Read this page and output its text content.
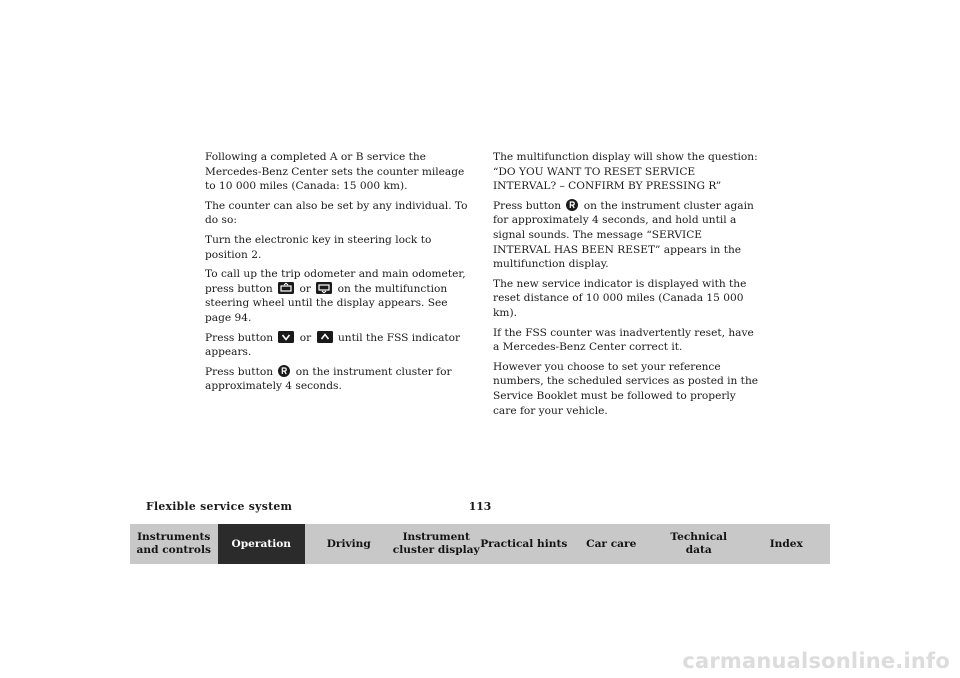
Following a completed A or B service the Mercedes-Benz Center sets the counter mileage to 10 000 miles (Canada: 15 000 km).

The counter can also be set by any individual. To do so:

Turn the electronic key in steering lock to position 2.

To call up the trip odometer and main odometer, press button	or	on the multifunction steering wheel until the display appears. See page 94.

Press button	or	until the FSS indicator appears.

Press button on the instrument cluster for approximately 4 seconds.

The multifunction display will show the question: “DO YOU WANT TO RESET SERVICE INTERVAL? – CONFIRM BY PRESSING R”

Press button on the instrument cluster again for approximately 4 seconds, and hold until a signal sounds. The message “SERVICE INTERVAL HAS BEEN RESET” appears in the multifunction display.

The new service indicator is displayed with the reset distance of 10 000 miles (Canada 15 000 km).

If the FSS counter was inadvertently reset, have a Mercedes-Benz Center correct it.

However you choose to set your reference numbers, the scheduled services as posted in the Service Booklet must be followed to properly care for your vehicle.

Flexible service system	113
Instruments
and controls
Operation	Driving
Instrument
cluster display
Practical hints	Car care
Technical
data
Index
carmanualsonline.info
